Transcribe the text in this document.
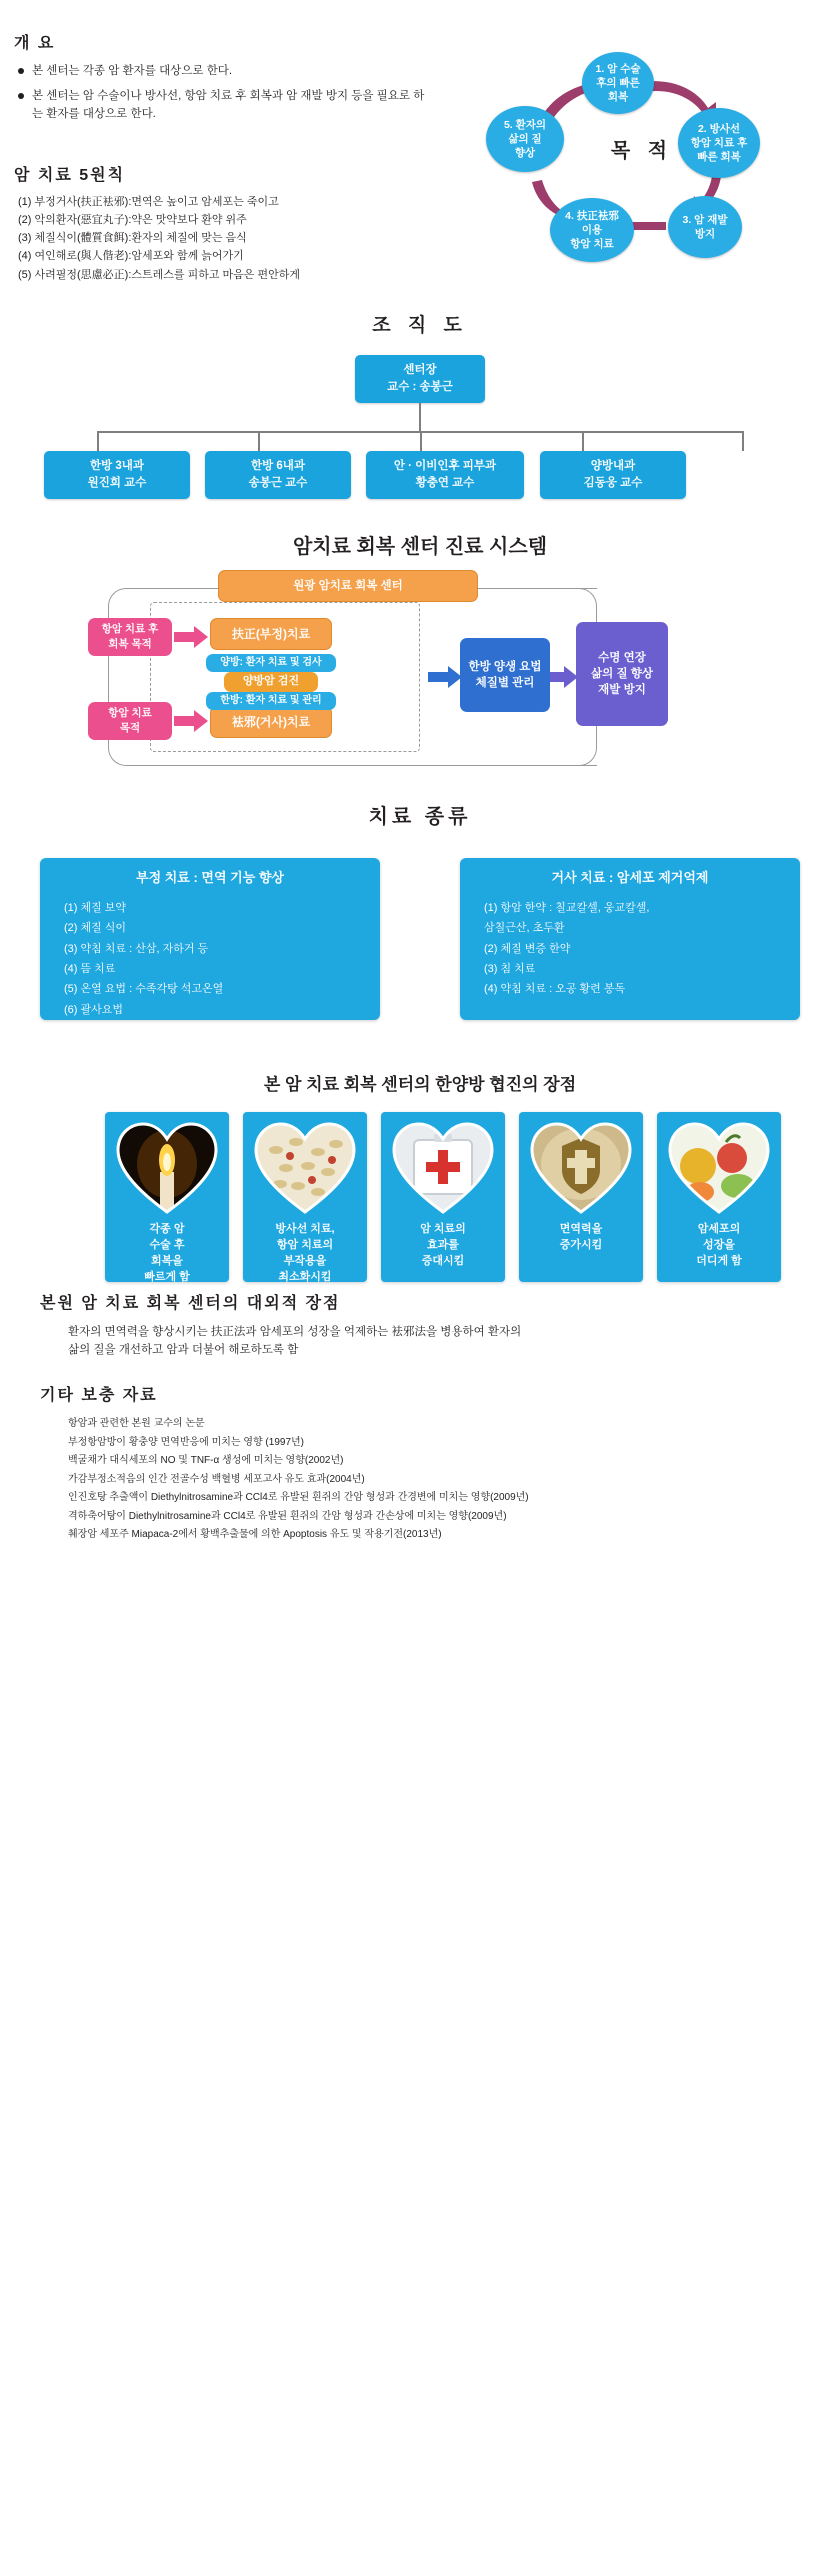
개 요
본 센터는 각종 암 환자를 대상으로 한다.
본 센터는 암 수술이나 방사선, 항암 치료 후 회복과 암 재발 방지 등을 필요로 하는 환자를 대상으로 한다.
암 치료 5원칙
(1) 부정거사(扶正袪邪):면역은 높이고 암세포는 죽이고
(2) 악의환자(惡宜丸子):약은 맛약보다 환약 위주
(3) 체질식이(體質食餌):환자의 체질에 맞는 음식
(4) 여인해로(與人偕老):암세포와 함께 늙어가기
(5) 사려필정(思慮必正):스트레스를 피하고 마음은 편안하게
1. 암 수술
후의 빠른
회복
2. 방사선
항암 치료 후
빠른 회복
3. 암 재발
방지
4. 扶正袪邪
이용
항암 치료
5. 환자의
삶의 질
향상	목 적
조 직 도
센터장
교수 : 송봉근
한방 3내과
원진희 교수
한방 6내과
송봉근 교수
안 · 이비인후 피부과
황충연 교수
양방내과
김동웅 교수
암치료 회복 센터 진료 시스템
원광 암치료 회복 센터
항암 치료 후
회복 목적
항암 치료
목적
扶正(부정)치료
袪邪(거사)치료
양방: 환자 치료 및 검사
양방암 검진
한방: 환자 치료 및 관리
한방 양생 요법
체질별 관리
수명 연장
삶의 질 향상
재발 방지
치료 종류
부정 치료 : 면역 기능 향상
(1) 체질 보약
(2) 체질 식이
(3) 약침 치료 : 산삼, 자하거 등
(4) 뜸 치료
(5) 온열 요법 : 수족각탕 석고온열
(6) 괄사요법
(7) 기공요법 : 팔단금
거사 치료 : 암세포 제거억제
(1) 항암 한약 : 칠교칼셀, 웅교칼셀,
삼칠근산, 초두환
(2) 체질 변증 한약
(3) 침 치료
(4) 약침 치료 : 오공 황련 봉독
본 암 치료 회복 센터의 한양방 협진의 장점
각종 암
수술 후
회복을
빠르게 함
방사선 치료,
항암 치료의
부작용을
최소화시킴
암 치료의
효과를
증대시킴
면역력을
증가시킴
암세포의
성장을
더디게 함
본원 암 치료 회복 센터의 대외적 장점

환자의 면역력을 향상시키는 扶正法과 암세포의 성장을 억제하는 袪邪法을 병용하여 환자의
삶의 질을 개선하고 암과 더불어 해로하도록 함

기타 보충 자료
항암과 관련한 본원 교수의 논문
부정항암방이 황충양 면역반응에 미치는 영향 (1997년)
백굴채가 대식세포의 NO 및 TNF-α 생성에 미치는 영향(2002년)
가감부정소적음의 인간 전골수성 백혈병 세포고사 유도 효과(2004년)
인진호탕 추출액이 Diethylnitrosamine과 CCl4로 유발된 흰쥐의 간암 형성과 간경변에 미치는 영향(2009년)
격하축어탕이 Diethylnitrosamine과 CCl4로 유발된 흰쥐의 간암 형성과 간손상에 미치는 영향(2009년)
췌장암 세포주 Miapaca-2에서 황백추출물에 의한 Apoptosis 유도 및 작용기전(2013년)
